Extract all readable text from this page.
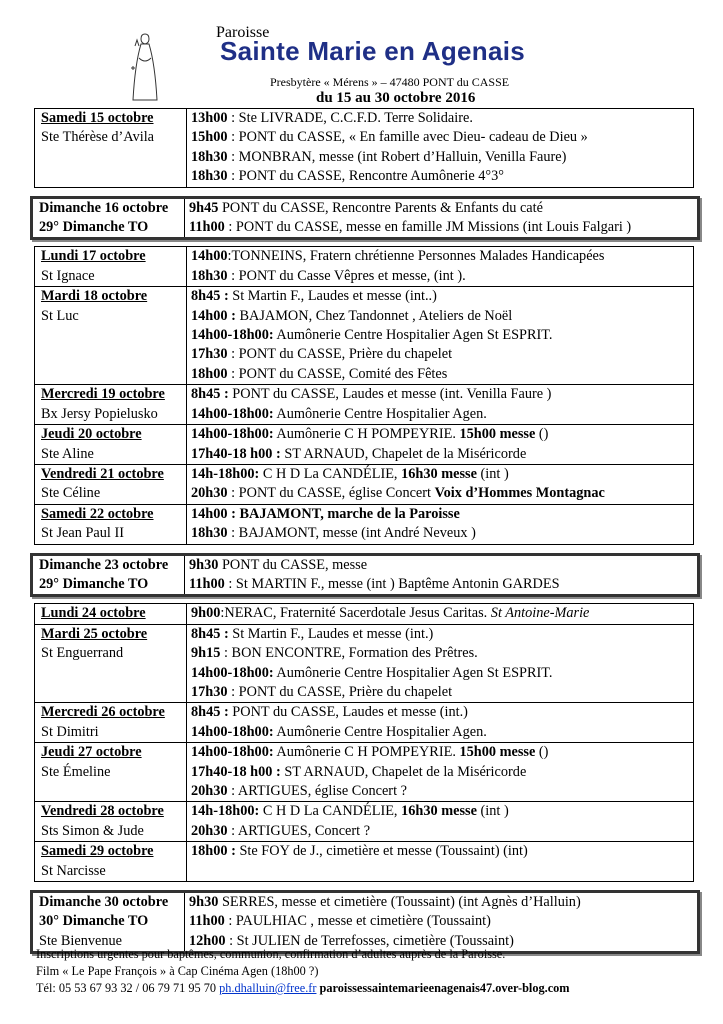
Paroisse
Sainte Marie en Agenais
Presbytère « Mérens » – 47480 PONT du CASSE
du 15 au 30 octobre 2016
Samedi 15 octobre
Ste Thérèse d’Avila
13h00 : Ste LIVRADE, C.C.F.D. Terre Solidaire.
15h00 : PONT du CASSE, « En famille avec Dieu- cadeau de Dieu »
18h30 : MONBRAN, messe (int Robert d’Halluin, Venilla Faure)
18h30 : PONT du CASSE, Rencontre Aumônerie 4°3°
Dimanche 16 octobre
29° Dimanche TO
9h45 PONT du CASSE, Rencontre Parents & Enfants du caté
11h00 : PONT du CASSE, messe en famille JM Missions (int Louis Falgari )
Lundi 17 octobre
St Ignace
14h00:TONNEINS, Fratern chrétienne Personnes Malades Handicapées
18h30 : PONT du Casse Vêpres et messe, (int ).
Mardi 18 octobre
St Luc
8h45 : St Martin F., Laudes et messe (int..)
14h00 : BAJAMON, Chez Tandonnet , Ateliers de Noël
14h00-18h00: Aumônerie Centre Hospitalier Agen St ESPRIT.
17h30 : PONT du CASSE, Prière du chapelet
18h00 : PONT du CASSE, Comité des Fêtes
Mercredi 19 octobre
Bx Jersy Popielusko
8h45 : PONT du CASSE, Laudes et messe (int. Venilla Faure )
14h00-18h00: Aumônerie Centre Hospitalier Agen.
Jeudi 20 octobre
Ste Aline
14h00-18h00: Aumônerie C H POMPEYRIE. 15h00 messe ()
17h40-18 h00 : ST ARNAUD, Chapelet de la Miséricorde
Vendredi 21 octobre
Ste Céline
14h-18h00: C H D La CANDÉLIE, 16h30 messe (int )
20h30 : PONT du CASSE, église Concert Voix d’Hommes Montagnac
Samedi 22 octobre
St Jean Paul II
14h00 : BAJAMONT, marche de la Paroisse
18h30 : BAJAMONT, messe (int André Neveux )
Dimanche 23 octobre
29° Dimanche TO
9h30 PONT du CASSE, messe
11h00 : St MARTIN F., messe (int ) Baptême Antonin GARDES
Lundi 24 octobre	9h00:NERAC, Fraternité Sacerdotale Jesus Caritas. St Antoine-Marie
Mardi 25 octobre
St Enguerrand
8h45 : St Martin F., Laudes et messe (int.)
9h15 : BON ENCONTRE, Formation des Prêtres.
14h00-18h00: Aumônerie Centre Hospitalier Agen St ESPRIT.
17h30 : PONT du CASSE, Prière du chapelet
Mercredi 26 octobre
St Dimitri
8h45 : PONT du CASSE, Laudes et messe (int.)
14h00-18h00: Aumônerie Centre Hospitalier Agen.
Jeudi 27 octobre
Ste Émeline
14h00-18h00: Aumônerie C H POMPEYRIE. 15h00 messe ()
17h40-18 h00 : ST ARNAUD, Chapelet de la Miséricorde
20h30 : ARTIGUES, église Concert ?
Vendredi 28 octobre
Sts Simon & Jude
14h-18h00: C H D La CANDÉLIE, 16h30 messe (int )
20h30 : ARTIGUES, Concert ?
Samedi 29 octobre
St Narcisse
18h00 : Ste FOY de J., cimetière et messe (Toussaint) (int)
Dimanche 30 octobre
30° Dimanche TO
Ste Bienvenue
9h30 SERRES, messe et cimetière (Toussaint) (int Agnès d’Halluin)
11h00 : PAULHIAC , messe et cimetière (Toussaint)
12h00 : St JULIEN de Terrefosses, cimetière (Toussaint)
Inscriptions urgentes pour baptêmes, communion, confirmation d’adultes auprès de la Paroisse.
Film « Le Pape François » à Cap Cinéma Agen (18h00 ?)
Tél: 05 53 67 93 32 / 06 79 71 95 70 ph.dhalluin@free.fr paroissessaintemarieenagenais47.over-blog.com
